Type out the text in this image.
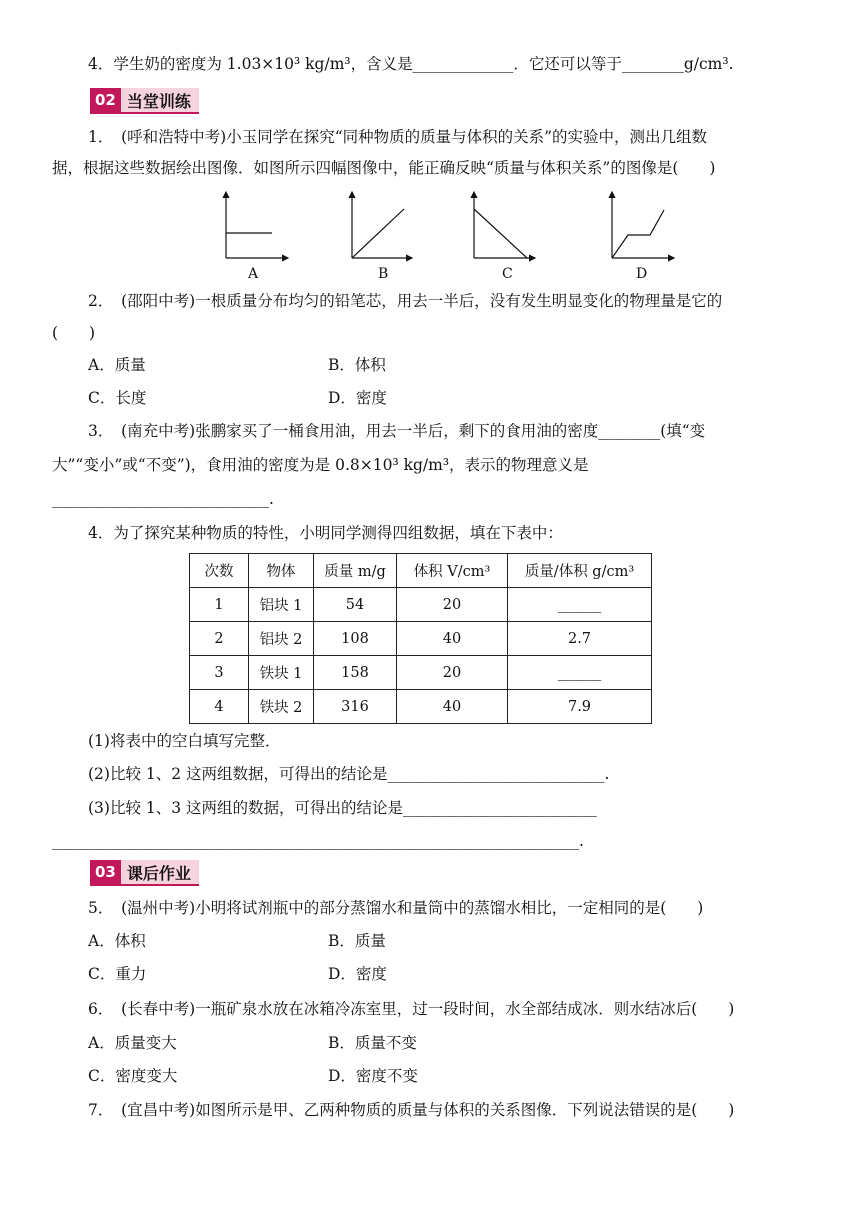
4．学生奶的密度为 1.03×10³ kg/m³，含义是_____________．它还可以等于________g/cm³.
02 当堂训练
1．　(呼和浩特中考)小玉同学在探究“同种物质的质量与体积的关系”的实验中，测出几组数
据，根据这些数据绘出图像．如图所示四幅图像中，能正确反映“质量与体积关系”的图像是(　　)
A	B	C	D
2．　(邵阳中考)一根质量分布均匀的铅笔芯，用去一半后，没有发生明显变化的物理量是它的
(　　)
A．质量	B．体积
C．长度	D．密度
3．　(南充中考)张鹏家买了一桶食用油，用去一半后，剩下的食用油的密度________(填“变
大”“变小”或“不变”)，食用油的密度为是 0.8×10³ kg/m³，表示的物理意义是
____________________________.
4．为了探究某种物质的特性，小明同学测得四组数据，填在下表中：
次数	物体	质量 m/g	体积 V/cm³	质量/体积 g/cm³
1	铝块 1	54	20	______
2	铝块 2	108	40	2.7
3	铁块 1	158	20	______
4	铁块 2	316	40	7.9
(1)将表中的空白填写完整．
(2)比较 1、2 这两组数据，可得出的结论是____________________________.
(3)比较 1、3 这两组的数据，可得出的结论是_________________________
____________________________________________________________________.
03 课后作业
5．　(温州中考)小明将试剂瓶中的部分蒸馏水和量筒中的蒸馏水相比，一定相同的是(　　)
A．体积	B．质量
C．重力	D．密度
6．　(长春中考)一瓶矿泉水放在冰箱冷冻室里，过一段时间，水全部结成冰．则水结冰后(　　)
A．质量变大	B．质量不变
C．密度变大	D．密度不变
7．　(宜昌中考)如图所示是甲、乙两种物质的质量与体积的关系图像．下列说法错误的是(　　)
